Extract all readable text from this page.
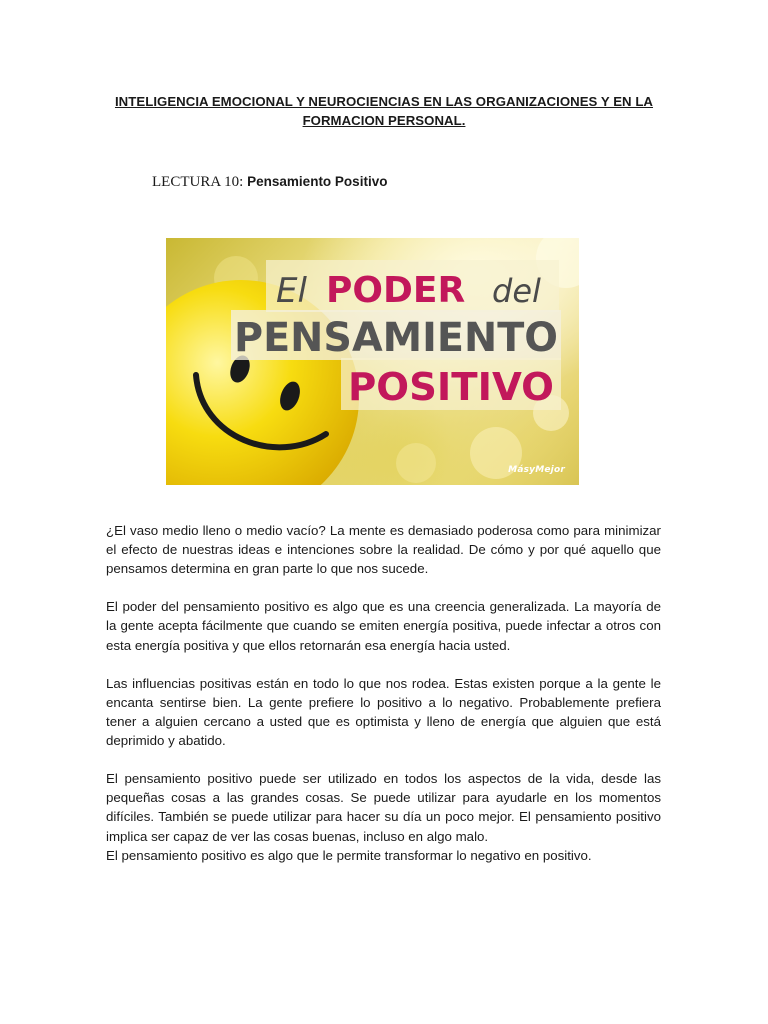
INTELIGENCIA EMOCIONAL Y NEUROCIENCIAS EN LAS ORGANIZACIONES Y EN LA FORMACION PERSONAL.
LECTURA 10: Pensamiento Positivo
El PODER del
PENSAMIENTO
POSITIVO
MásyMejor

¿El vaso medio lleno o medio vacío? La mente es demasiado poderosa como para minimizar el efecto de nuestras ideas e intenciones sobre la realidad. De cómo y por qué aquello que pensamos determina en gran parte lo que nos sucede.

El poder del pensamiento positivo es algo que es una creencia generalizada. La mayoría de la gente acepta fácilmente que cuando se emiten energía positiva, puede infectar a otros con esta energía positiva y que ellos retornarán esa energía hacia usted.

Las influencias positivas están en todo lo que nos rodea. Estas existen porque a la gente le encanta sentirse bien. La gente prefiere lo positivo a lo negativo. Probablemente prefiera tener a alguien cercano a usted que es optimista y lleno de energía que alguien que está deprimido y abatido.

El pensamiento positivo puede ser utilizado en todos los aspectos de la vida, desde las pequeñas cosas a las grandes cosas. Se puede utilizar para ayudarle en los momentos difíciles. También se puede utilizar para hacer su día un poco mejor. El pensamiento positivo implica ser capaz de ver las cosas buenas, incluso en algo malo.

El pensamiento positivo es algo que le permite transformar lo negativo en positivo.
